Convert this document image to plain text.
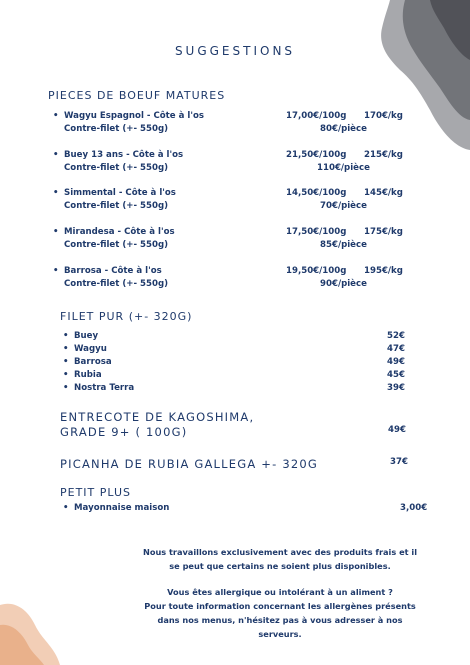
SUGGESTIONS
PIECES DE BOEUF MATURES
• Wagyu Espagnol - Côte à l'os
Contre-filet (+- 550g)
17,00€/100g 170€/kg
80€/pièce
• Buey 13 ans - Côte à l'os
Contre-filet (+- 550g)
21,50€/100g 215€/kg
110€/pièce
• Simmental - Côte à l'os
Contre-filet (+- 550g)
14,50€/100g 145€/kg
70€/pièce
• Mirandesa - Côte à l'os
Contre-filet (+- 550g)
17,50€/100g 175€/kg
85€/pièce
• Barrosa - Côte à l'os
Contre-filet (+- 550g)
19,50€/100g 195€/kg
90€/pièce
FILET PUR (+- 320G)
• Buey	52€
• Wagyu	47€
• Barrosa	49€
• Rubia	45€
• Nostra Terra	39€
ENTRECOTE DE KAGOSHIMA,
GRADE 9+ ( 100G)	49€
PICANHA DE RUBIA GALLEGA +- 320G	37€
PETIT PLUS
• Mayonnaise maison	3,00€
Nous travaillons exclusivement avec des produits frais et il
se peut que certains ne soient plus disponibles.
Vous êtes allergique ou intolérant à un aliment ?
Pour toute information concernant les allergènes présents
dans nos menus, n'hésitez pas à vous adresser à nos
serveurs.
